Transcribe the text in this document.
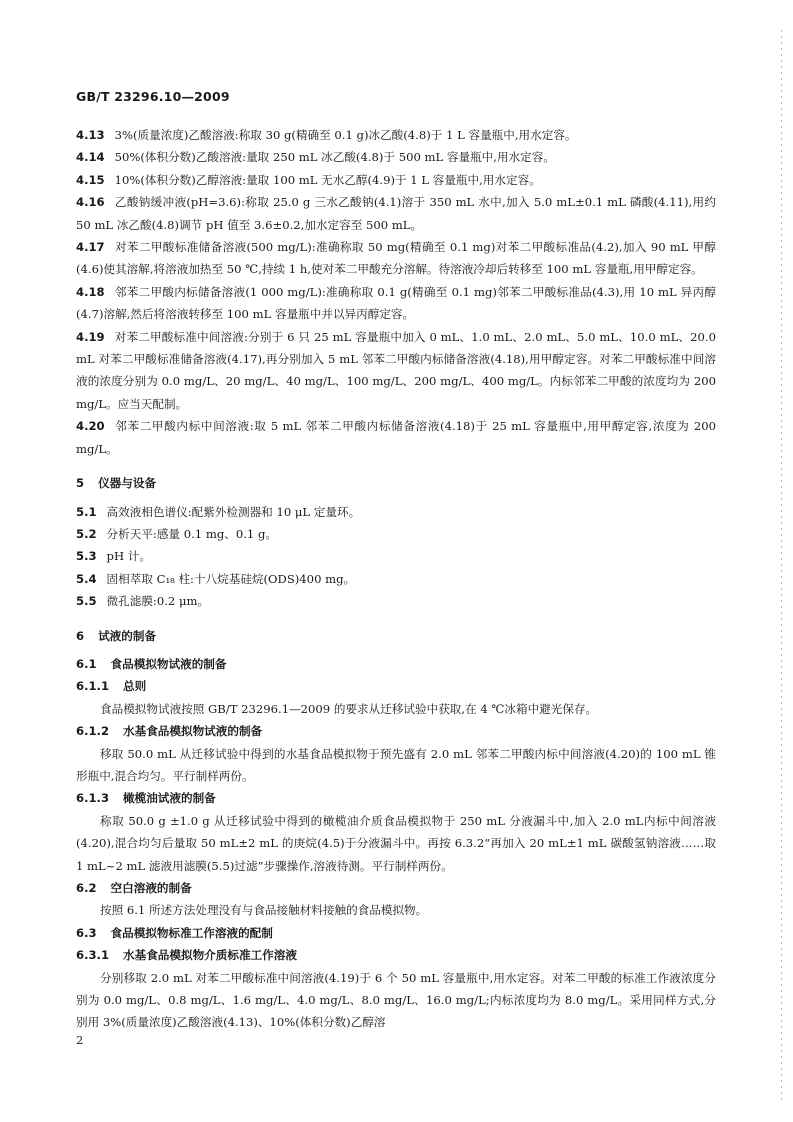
GB/T 23296.10—2009

4.13 3%(质量浓度)乙酸溶液:称取 30 g(精确至 0.1 g)冰乙酸(4.8)于 1 L 容量瓶中,用水定容。

4.14 50%(体积分数)乙酸溶液:量取 250 mL 冰乙酸(4.8)于 500 mL 容量瓶中,用水定容。

4.15 10%(体积分数)乙醇溶液:量取 100 mL 无水乙醇(4.9)于 1 L 容量瓶中,用水定容。

4.16 乙酸钠缓冲液(pH=3.6):称取 25.0 g 三水乙酸钠(4.1)溶于 350 mL 水中,加入 5.0 mL±0.1 mL 磷酸(4.11),用约 50 mL 冰乙酸(4.8)调节 pH 值至 3.6±0.2,加水定容至 500 mL。

4.17 对苯二甲酸标准储备溶液(500 mg/L):准确称取 50 mg(精确至 0.1 mg)对苯二甲酸标准品(4.2),加入 90 mL 甲醇(4.6)使其溶解,将溶液加热至 50 ℃,持续 1 h,使对苯二甲酸充分溶解。待溶液冷却后转移至 100 mL 容量瓶,用甲醇定容。

4.18 邻苯二甲酸内标储备溶液(1 000 mg/L):准确称取 0.1 g(精确至 0.1 mg)邻苯二甲酸标准品(4.3),用 10 mL 异丙醇(4.7)溶解,然后将溶液转移至 100 mL 容量瓶中并以异丙醇定容。

4.19 对苯二甲酸标准中间溶液:分别于 6 只 25 mL 容量瓶中加入 0 mL、1.0 mL、2.0 mL、5.0 mL、10.0 mL、20.0 mL 对苯二甲酸标准储备溶液(4.17),再分别加入 5 mL 邻苯二甲酸内标储备溶液(4.18),用甲醇定容。对苯二甲酸标准中间溶液的浓度分别为 0.0 mg/L、20 mg/L、40 mg/L、100 mg/L、200 mg/L、400 mg/L。内标邻苯二甲酸的浓度均为 200 mg/L。应当天配制。

4.20 邻苯二甲酸内标中间溶液:取 5 mL 邻苯二甲酸内标储备溶液(4.18)于 25 mL 容量瓶中,用甲醇定容,浓度为 200 mg/L。

5 仪器与设备

5.1 高效液相色谱仪:配紫外检测器和 10 μL 定量环。

5.2 分析天平:感量 0.1 mg、0.1 g。

5.3 pH 计。

5.4 固相萃取 C₁₈ 柱:十八烷基硅烷(ODS)400 mg。

5.5 微孔滤膜:0.2 μm。

6 试液的制备

6.1 食品模拟物试液的制备

6.1.1 总则

食品模拟物试液按照 GB/T 23296.1—2009 的要求从迁移试验中获取,在 4 ℃冰箱中避光保存。

6.1.2 水基食品模拟物试液的制备

移取 50.0 mL 从迁移试验中得到的水基食品模拟物于预先盛有 2.0 mL 邻苯二甲酸内标中间溶液(4.20)的 100 mL 锥形瓶中,混合均匀。平行制样两份。

6.1.3 橄榄油试液的制备

称取 50.0 g ±1.0 g 从迁移试验中得到的橄榄油介质食品模拟物于 250 mL 分液漏斗中,加入 2.0 mL内标中间溶液(4.20),混合均匀后量取 50 mL±2 mL 的庚烷(4.5)于分液漏斗中。再按 6.3.2“再加入 20 mL±1 mL 碳酸氢钠溶液……取 1 mL~2 mL 滤液用滤膜(5.5)过滤”步骤操作,溶液待测。平行制样两份。

6.2 空白溶液的制备

按照 6.1 所述方法处理没有与食品接触材料接触的食品模拟物。

6.3 食品模拟物标准工作溶液的配制

6.3.1 水基食品模拟物介质标准工作溶液

分别移取 2.0 mL 对苯二甲酸标准中间溶液(4.19)于 6 个 50 mL 容量瓶中,用水定容。对苯二甲酸的标准工作液浓度分别为 0.0 mg/L、0.8 mg/L、1.6 mg/L、4.0 mg/L、8.0 mg/L、16.0 mg/L;内标浓度均为 8.0 mg/L。采用同样方式,分别用 3%(质量浓度)乙酸溶液(4.13)、10%(体积分数)乙醇溶

2
